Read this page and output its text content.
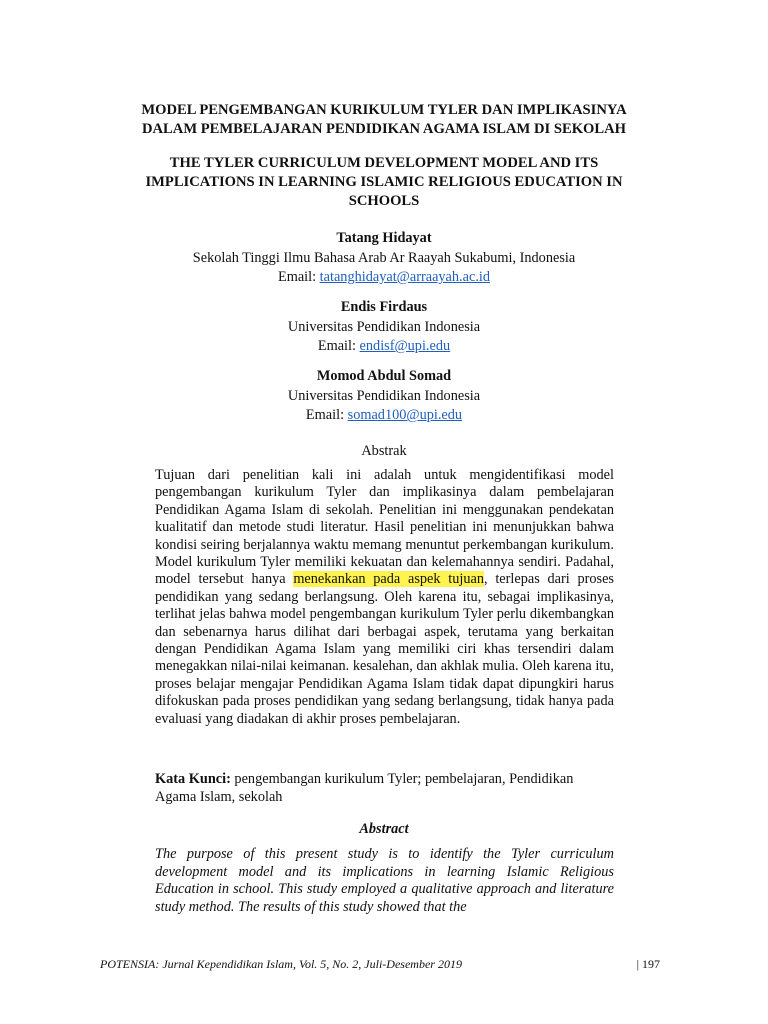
MODEL PENGEMBANGAN KURIKULUM TYLER DAN IMPLIKASINYA
DALAM PEMBELAJARAN PENDIDIKAN AGAMA ISLAM DI SEKOLAH
THE TYLER CURRICULUM DEVELOPMENT MODEL AND ITS
IMPLICATIONS IN LEARNING ISLAMIC RELIGIOUS EDUCATION IN
SCHOOLS
Tatang Hidayat
Sekolah Tinggi Ilmu Bahasa Arab Ar Raayah Sukabumi, Indonesia
Email: tatanghidayat@arraayah.ac.id
Endis Firdaus
Universitas Pendidikan Indonesia
Email: endisf@upi.edu
Momod Abdul Somad
Universitas Pendidikan Indonesia
Email: somad100@upi.edu
Abstrak
Tujuan dari penelitian kali ini adalah untuk mengidentifikasi model pengembangan kurikulum Tyler dan implikasinya dalam pembelajaran Pendidikan Agama Islam di sekolah. Penelitian ini menggunakan pendekatan kualitatif dan metode studi literatur. Hasil penelitian ini menunjukkan bahwa kondisi seiring berjalannya waktu memang menuntut perkembangan kurikulum. Model kurikulum Tyler memiliki kekuatan dan kelemahannya sendiri. Padahal, model tersebut hanya menekankan pada aspek tujuan, terlepas dari proses pendidikan yang sedang berlangsung. Oleh karena itu, sebagai implikasinya, terlihat jelas bahwa model pengembangan kurikulum Tyler perlu dikembangkan dan sebenarnya harus dilihat dari berbagai aspek, terutama yang berkaitan dengan Pendidikan Agama Islam yang memiliki ciri khas tersendiri dalam menegakkan nilai-nilai keimanan. kesalehan, dan akhlak mulia. Oleh karena itu, proses belajar mengajar Pendidikan Agama Islam tidak dapat dipungkiri harus difokuskan pada proses pendidikan yang sedang berlangsung, tidak hanya pada evaluasi yang diadakan di akhir proses pembelajaran.
Kata Kunci: pengembangan kurikulum Tyler; pembelajaran, Pendidikan Agama Islam, sekolah
Abstract
The purpose of this present study is to identify the Tyler curriculum development model and its implications in learning Islamic Religious Education in school. This study employed a qualitative approach and literature study method. The results of this study showed that the
POTENSIA: Jurnal Kependidikan Islam, Vol. 5, No. 2, Juli-Desember 2019	| 197
